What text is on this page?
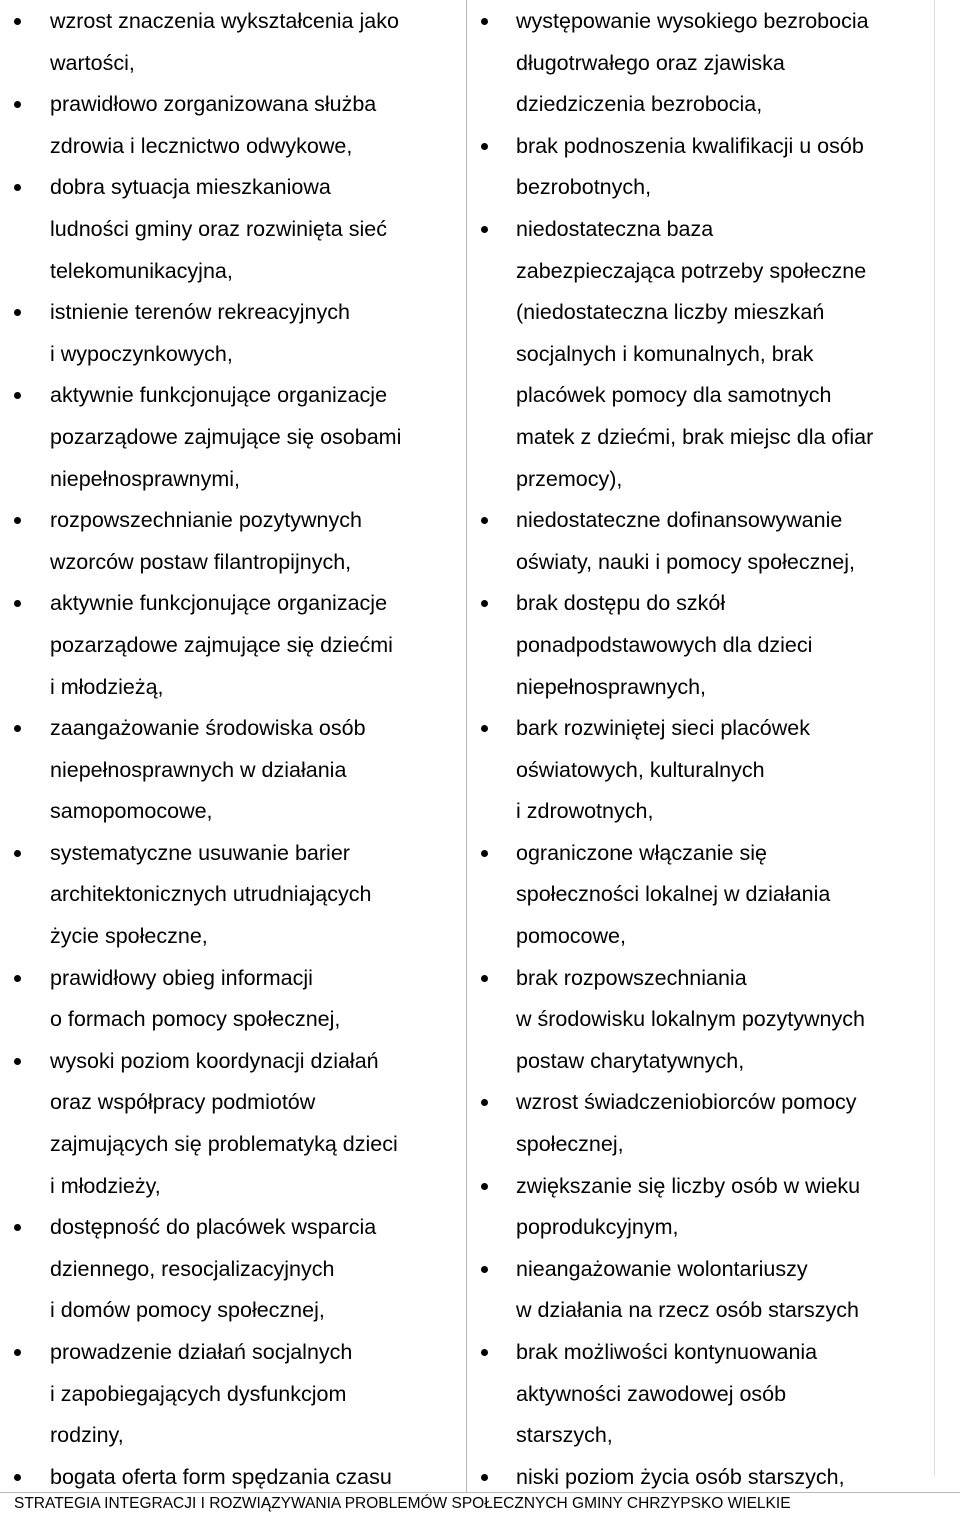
wzrost znaczenia wykształcenia jako
wartości,
prawidłowo zorganizowana służba
zdrowia i lecznictwo odwykowe,
dobra sytuacja mieszkaniowa
ludności gminy oraz rozwinięta sieć
telekomunikacyjna,
istnienie terenów rekreacyjnych
i wypoczynkowych,
aktywnie funkcjonujące organizacje
pozarządowe zajmujące się osobami
niepełnosprawnymi,
rozpowszechnianie pozytywnych
wzorców postaw filantropijnych,
aktywnie funkcjonujące organizacje
pozarządowe zajmujące się dziećmi
i młodzieżą,
zaangażowanie środowiska osób
niepełnosprawnych w działania
samopomocowe,
systematyczne usuwanie barier
architektonicznych utrudniających
życie społeczne,
prawidłowy obieg informacji
o formach pomocy społecznej,
wysoki poziom koordynacji działań
oraz współpracy podmiotów
zajmujących się problematyką dzieci
i młodzieży,
dostępność do placówek wsparcia
dziennego, resocjalizacyjnych
i domów pomocy społecznej,
prowadzenie działań socjalnych
i zapobiegających dysfunkcjom
rodziny,
bogata oferta form spędzania czasu
występowanie wysokiego bezrobocia
długotrwałego oraz zjawiska
dziedziczenia bezrobocia,
brak podnoszenia kwalifikacji u osób
bezrobotnych,
niedostateczna baza
zabezpieczająca potrzeby społeczne
(niedostateczna liczby mieszkań
socjalnych i komunalnych, brak
placówek pomocy dla samotnych
matek z dziećmi, brak miejsc dla ofiar
przemocy),
niedostateczne dofinansowywanie
oświaty, nauki i pomocy społecznej,
brak dostępu do szkół
ponadpodstawowych dla dzieci
niepełnosprawnych,
bark rozwiniętej sieci placówek
oświatowych, kulturalnych
i zdrowotnych,
ograniczone włączanie się
społeczności lokalnej w działania
pomocowe,
brak rozpowszechniania
w środowisku lokalnym pozytywnych
postaw charytatywnych,
wzrost świadczeniobiorców pomocy
społecznej,
zwiększanie się liczby osób w wieku
poprodukcyjnym,
nieangażowanie wolontariuszy
w działania na rzecz osób starszych
brak możliwości kontynuowania
aktywności zawodowej osób
starszych,
niski poziom życia osób starszych,
STRATEGIA INTEGRACJI I ROZWIĄZYWANIA PROBLEMÓW SPOŁECZNYCH GMINY CHRZYPSKO WIELKIE
